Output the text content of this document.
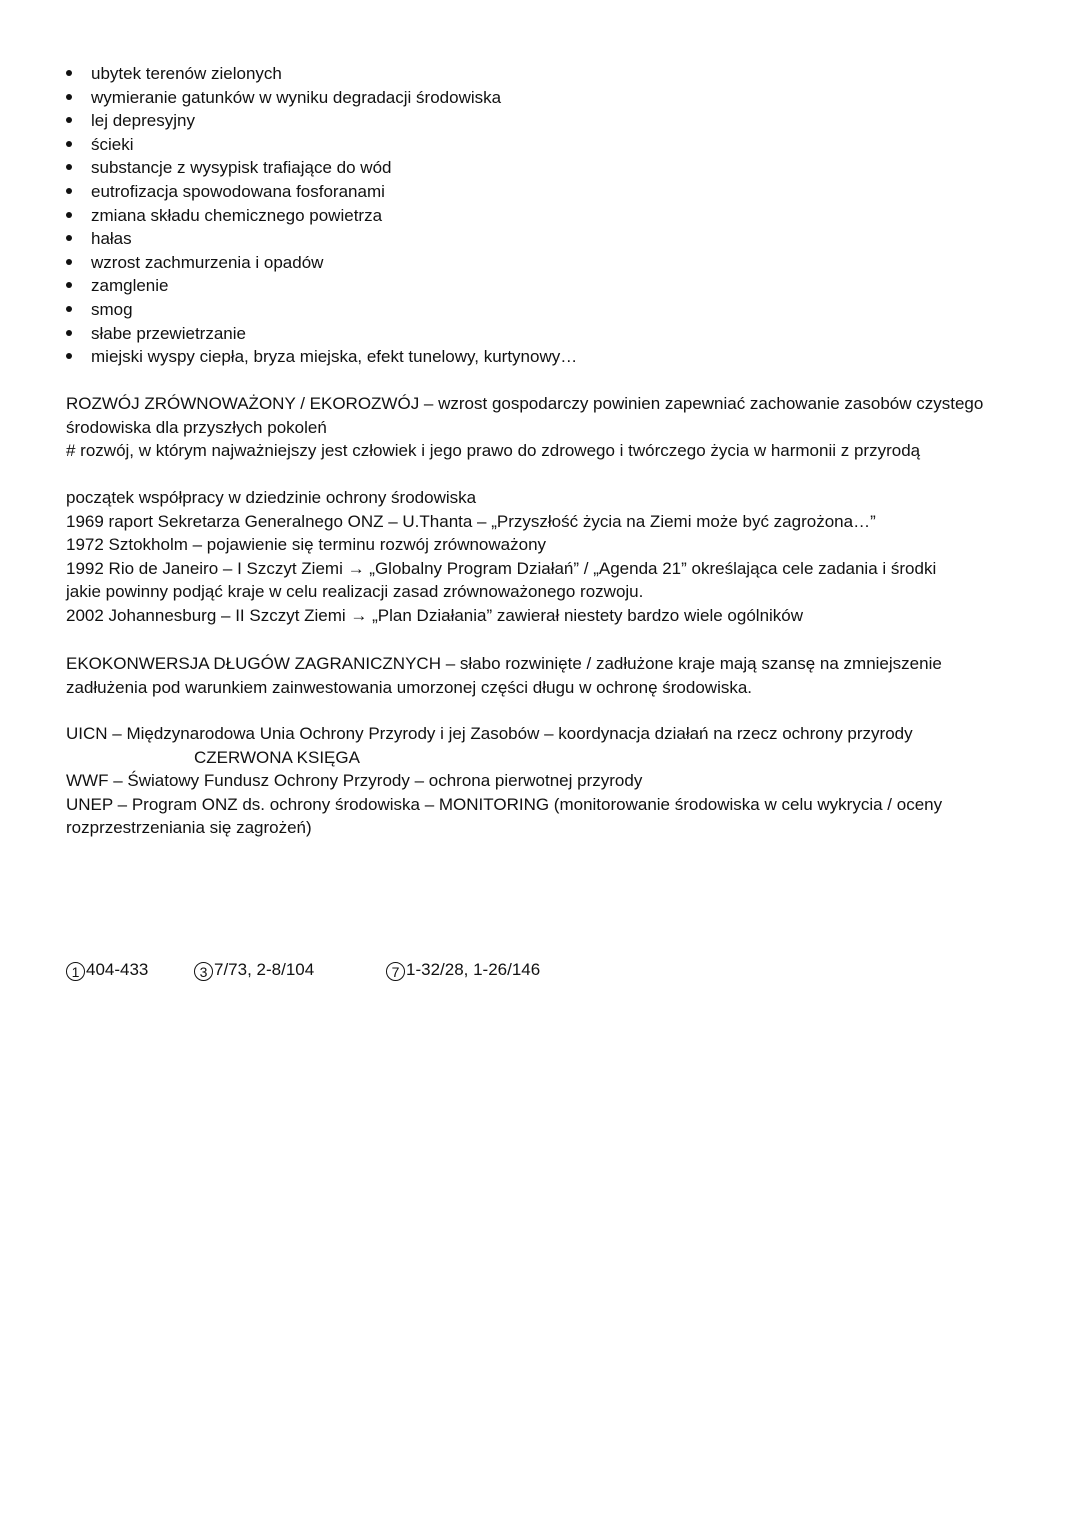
ubytek terenów zielonych
wymieranie gatunków w wyniku degradacji środowiska
lej depresyjny
ścieki
substancje z wysypisk trafiające do wód
eutrofizacja spowodowana fosforanami
zmiana składu chemicznego powietrza
hałas
wzrost zachmurzenia i opadów
zamglenie
smog
słabe przewietrzanie
miejski wyspy ciepła, bryza miejska, efekt tunelowy, kurtynowy…
ROZWÓJ ZRÓWNOWAŻONY / EKOROZWÓJ – wzrost gospodarczy powinien zapewniać zachowanie zasobów czystego
środowiska dla przyszłych pokoleń
# rozwój, w którym najważniejszy jest człowiek i jego prawo do zdrowego i twórczego życia w harmonii z przyrodą
początek współpracy w dziedzinie ochrony środowiska
1969 raport Sekretarza Generalnego ONZ – U.Thanta – „Przyszłość życia na Ziemi może być zagrożona…”
1972 Sztokholm – pojawienie się terminu rozwój zrównoważony
1992 Rio de Janeiro – I Szczyt Ziemi → „Globalny Program Działań” / „Agenda 21” określająca cele zadania i środki
jakie powinny podjąć kraje w celu realizacji zasad zrównoważonego rozwoju.
2002 Johannesburg – II Szczyt Ziemi → „Plan Działania” zawierał niestety bardzo wiele ogólników
EKOKONWERSJA DŁUGÓW ZAGRANICZNYCH – słabo rozwinięte / zadłużone kraje mają szansę na zmniejszenie
zadłużenia pod warunkiem zainwestowania umorzonej części długu w ochronę środowiska.
UICN – Międzynarodowa Unia Ochrony Przyrody i jej Zasobów – koordynacja działań na rzecz ochrony przyrody
CZERWONA KSIĘGA
WWF – Światowy Fundusz Ochrony Przyrody – ochrona pierwotnej przyrody
UNEP – Program ONZ ds. ochrony środowiska – MONITORING (monitorowanie środowiska w celu wykrycia / oceny
rozprzestrzeniania się zagrożeń)
1 404-433	3 7/73, 2-8/104	7 1-32/28, 1-26/146
